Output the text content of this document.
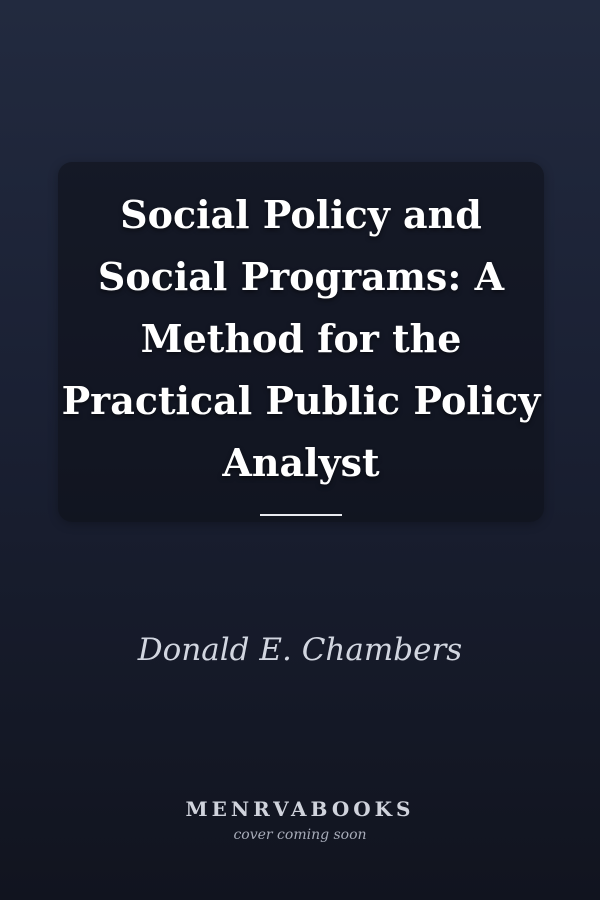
Social Policy and Social Programs: A Method for the Practical Public Policy Analyst
Donald E. Chambers
MENRVABOOKS
cover coming soon
